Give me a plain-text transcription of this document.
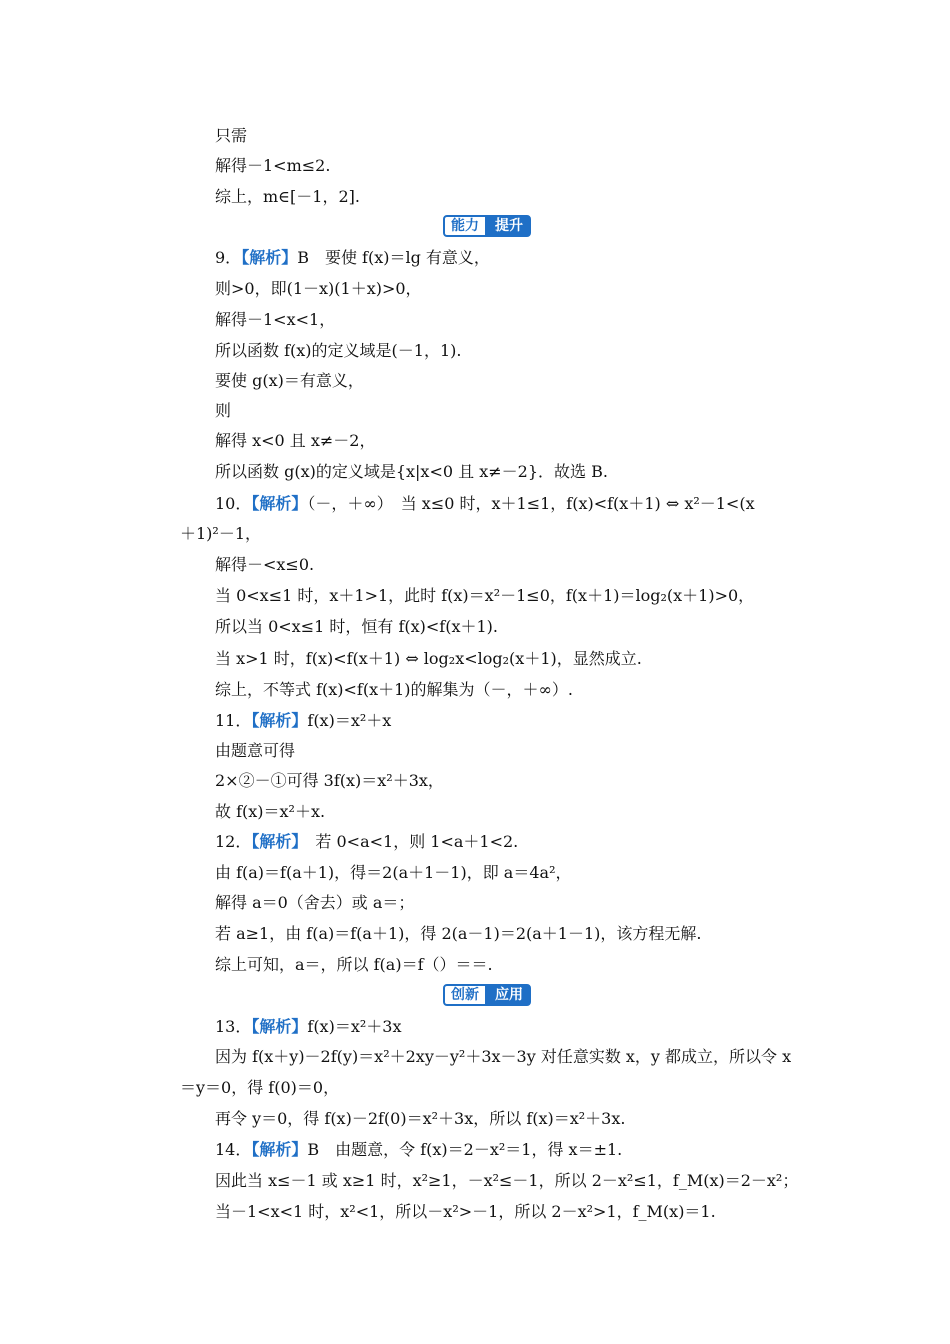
只需
解得－1<m≤2.
综上，m∈[－1，2].
能力	提升
9．【解析】B　要使 f(x)＝lg 有意义，
则>0，即(1－x)(1＋x)>0，
解得－1<x<1，
所以函数 f(x)的定义域是(－1，1).
要使 g(x)＝有意义，
则
解得 x<0 且 x≠－2，
所以函数 g(x)的定义域是{x|x<0 且 x≠－2}．故选 B.
10．【解析】（－，＋∞）　当 x≤0 时，x＋1≤1，f(x)<f(x＋1) ⇔ x²－1<(x
＋1)²－1，
解得－<x≤0.
当 0<x≤1 时，x＋1>1，此时 f(x)＝x²－1≤0，f(x＋1)＝log₂(x＋1)>0，
所以当 0<x≤1 时，恒有 f(x)<f(x＋1).
当 x>1 时，f(x)<f(x＋1) ⇔ log₂x<log₂(x＋1)，显然成立.
综上，不等式 f(x)<f(x＋1)的解集为（－，＋∞）.
11．【解析】f(x)＝x²＋x
由题意可得
2×②－①可得 3f(x)＝x²＋3x，
故 f(x)＝x²＋x.
12．【解析】　若 0<a<1，则 1<a＋1<2.
由 f(a)＝f(a＋1)，得＝2(a＋1－1)，即 a＝4a²，
解得 a＝0（舍去）或 a＝；
若 a≥1，由 f(a)＝f(a＋1)，得 2(a－1)＝2(a＋1－1)，该方程无解.
综上可知，a＝，所以 f(a)＝f（）＝＝.
创新	应用
13．【解析】f(x)＝x²＋3x
因为 f(x＋y)－2f(y)＝x²＋2xy－y²＋3x－3y 对任意实数 x，y 都成立，所以令 x
＝y＝0，得 f(0)＝0，
再令 y＝0，得 f(x)－2f(0)＝x²＋3x，所以 f(x)＝x²＋3x.
14．【解析】B　由题意，令 f(x)＝2－x²＝1，得 x＝±1.
因此当 x≤－1 或 x≥1 时，x²≥1，－x²≤－1，所以 2－x²≤1，f_M(x)＝2－x²；
当－1<x<1 时，x²<1，所以－x²>－1，所以 2－x²>1，f_M(x)＝1.
